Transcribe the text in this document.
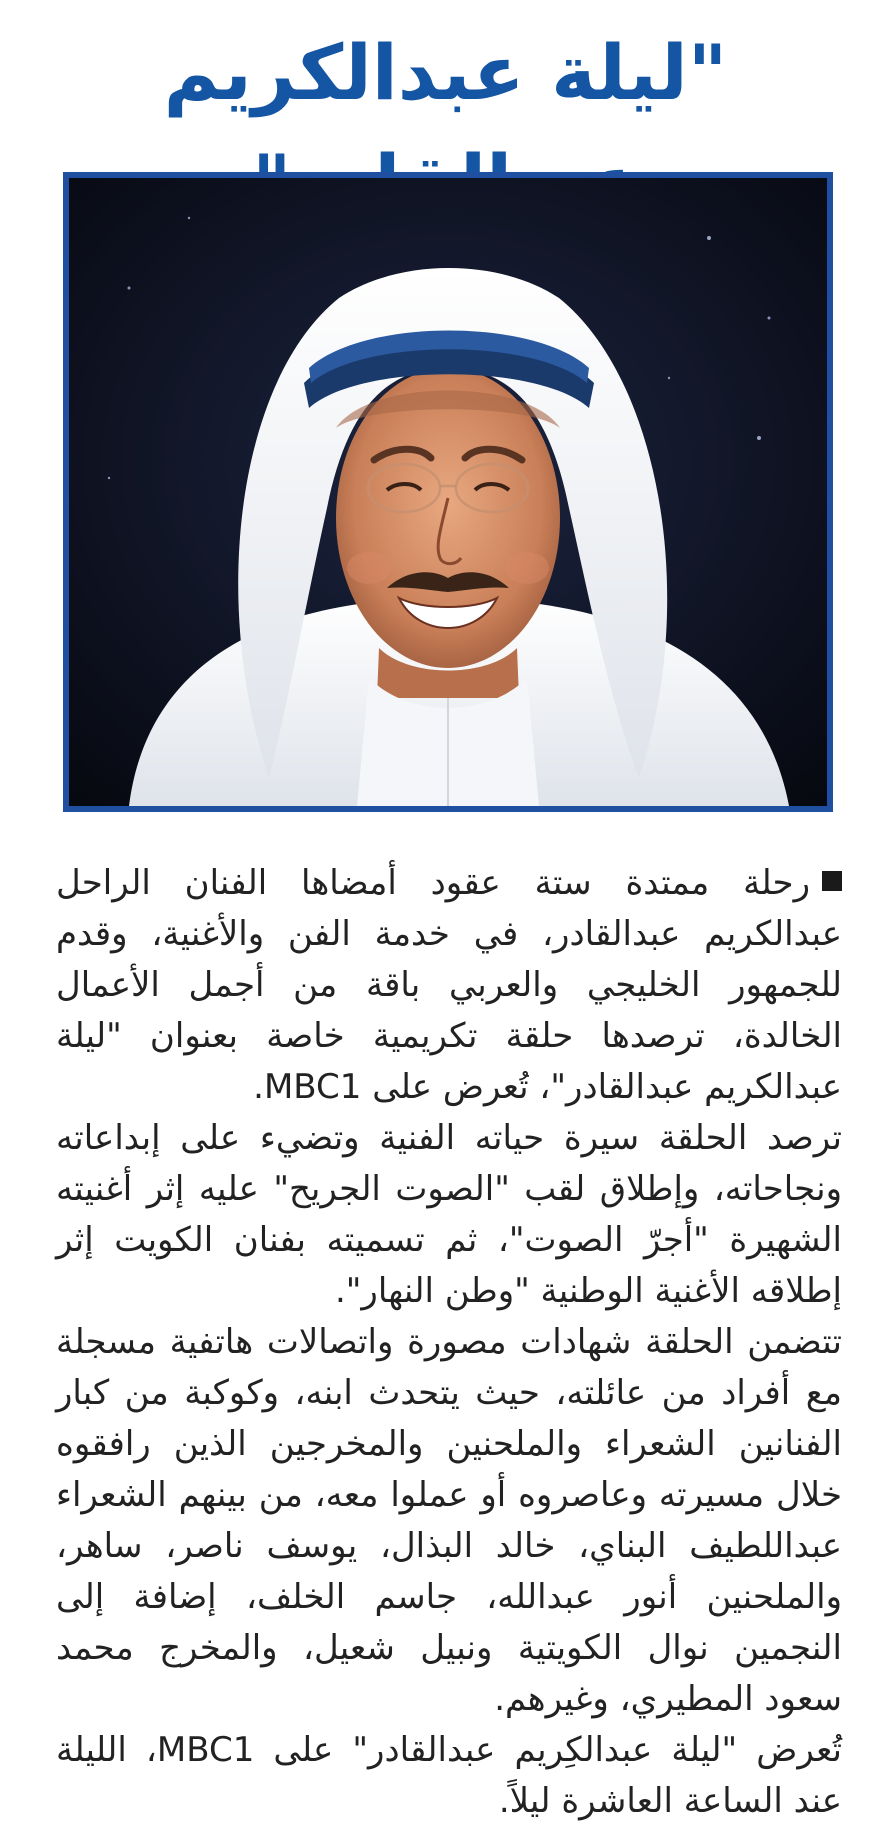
"ليلة عبدالكريم

رحلة ممتدة ستة عقود أمضاها الفنان الراحل عبدالكريم عبدالقادر، في خدمة الفن والأغنية، وقدم للجمهور الخليجي والعربي باقة من أجمل الأعمال الخالدة، ترصدها حلقة تكريمية خاصة بعنوان "ليلة عبدالكريم عبدالقادر"، تُعرض على MBC1.

ترصد الحلقة سيرة حياته الفنية وتضيء على إبداعاته ونجاحاته، وإطلاق لقب "الصوت الجريح" عليه إثر أغنيته الشهيرة "أجرّ الصوت"، ثم تسميته بفنان الكويت إثر إطلاقه الأغنية الوطنية "وطن النهار".

تتضمن الحلقة شهادات مصورة واتصالات هاتفية مسجلة مع أفراد من عائلته، حيث يتحدث ابنه، وكوكبة من كبار الفنانين الشعراء والملحنين والمخرجين الذين رافقوه خلال مسيرته وعاصروه أو عملوا معه، من بينهم الشعراء عبداللطيف البناي، خالد البذال، يوسف ناصر، ساهر، والملحنين أنور عبدالله، جاسم الخلف، إضافة إلى النجمين نوال الكويتية ونبيل شعيل، والمخرج محمد سعود المطيري، وغيرهم.

تُعرض "ليلة عبدالكِريم عبدالقادر" على MBC1، الليلة عند الساعة العاشرة ليلاً.
